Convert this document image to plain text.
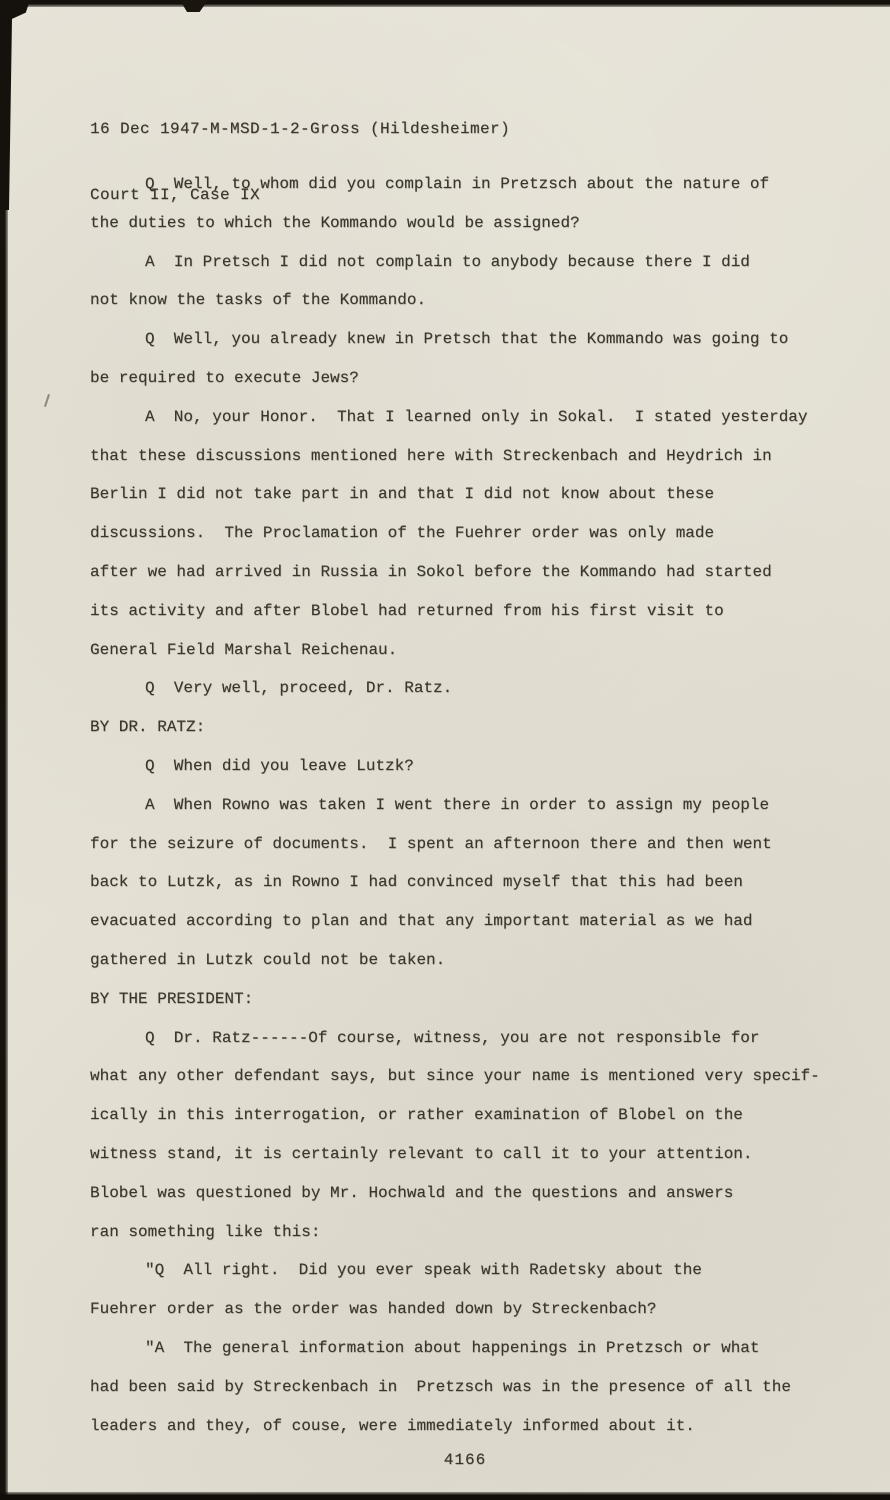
16 Dec 1947-M-MSD-1-2-Gross (Hildesheimer)

Court II, Case IX

Q  Well, to whom did you complain in Pretzsch about the nature of
the duties to which the Kommando would be assigned?
A  In Pretsch I did not complain to anybody because there I did
not know the tasks of the Kommando.
Q  Well, you already knew in Pretsch that the Kommando was going to
be required to execute Jews?
A  No, your Honor.  That I learned only in Sokal.  I stated yesterday
that these discussions mentioned here with Streckenbach and Heydrich in
Berlin I did not take part in and that I did not know about these
discussions.  The Proclamation of the Fuehrer order was only made
after we had arrived in Russia in Sokol before the Kommando had started
its activity and after Blobel had returned from his first visit to
General Field Marshal Reichenau.
Q  Very well, proceed, Dr. Ratz.
BY DR. RATZ:
Q  When did you leave Lutzk?
A  When Rowno was taken I went there in order to assign my people
for the seizure of documents.  I spent an afternoon there and then went
back to Lutzk, as in Rowno I had convinced myself that this had been
evacuated according to plan and that any important material as we had
gathered in Lutzk could not be taken.
BY THE PRESIDENT:
Q  Dr. Ratz------Of course, witness, you are not responsible for
what any other defendant says, but since your name is mentioned very specif-
ically in this interrogation, or rather examination of Blobel on the
witness stand, it is certainly relevant to call it to your attention.
Blobel was questioned by Mr. Hochwald and the questions and answers
ran something like this:
"Q  All right.  Did you ever speak with Radetsky about the
Fuehrer order as the order was handed down by Streckenbach?
"A  The general information about happenings in Pretzsch or what
had been said by Streckenbach in  Pretzsch was in the presence of all the
leaders and they, of couse, were immediately informed about it.
4166
